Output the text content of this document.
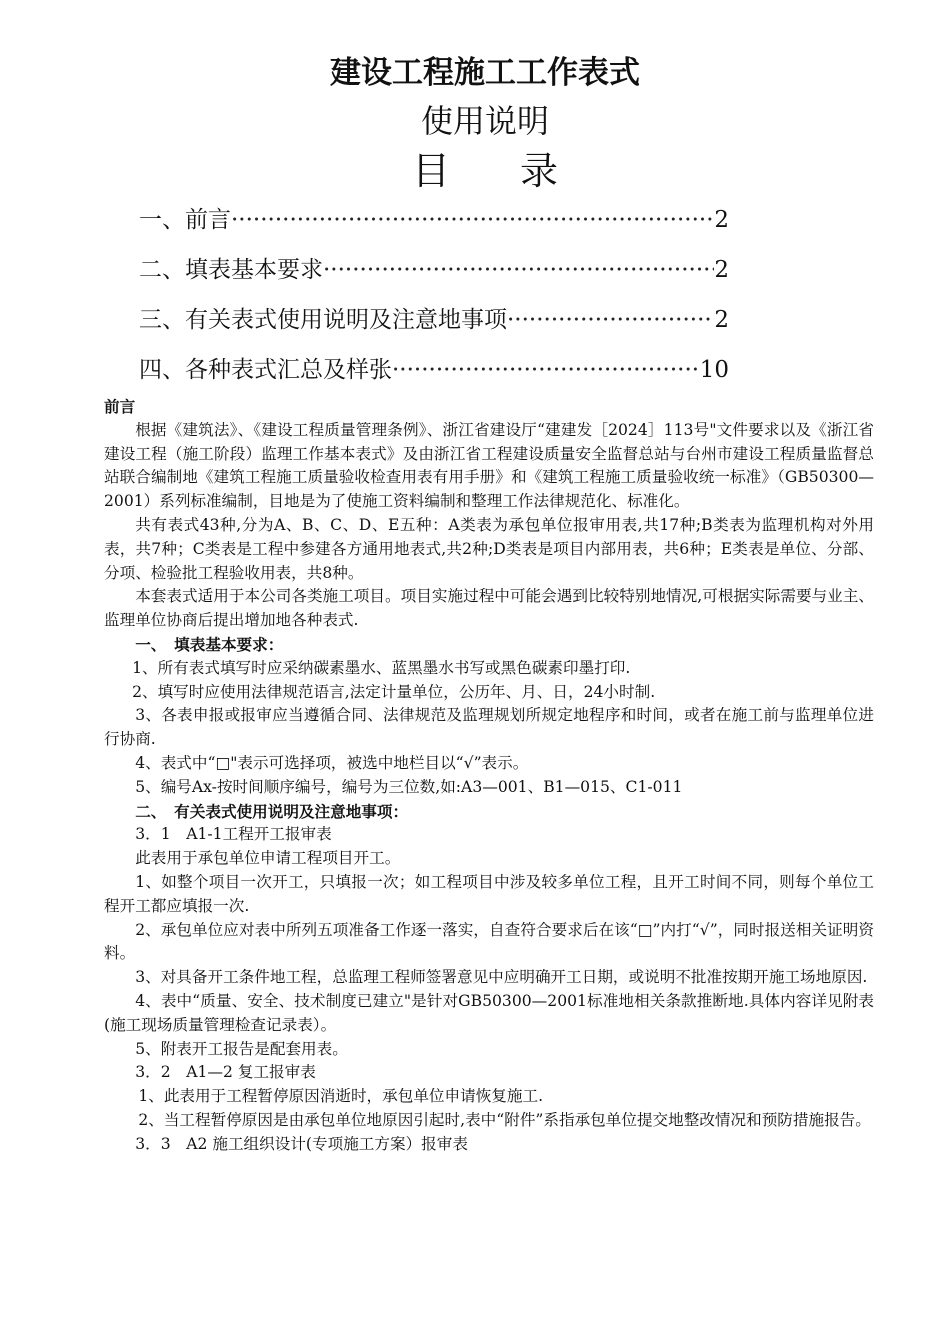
建设工程施工工作表式
使用说明
目 录
一、前言 ·····	2
二、填表基本要求 ·····	2
三、有关表式使用说明及注意地事项 ·····	2
四、各种表式汇总及样张 ·····	10

前言

根据《建筑法》、《建设工程质量管理条例》、浙江省建设厅“建建发［2024］113号"文件要求以及《浙江省建设工程（施工阶段）监理工作基本表式》及由浙江省工程建设质量安全监督总站与台州市建设工程质量监督总站联合编制地《建筑工程施工质量验收检查用表有用手册》和《建筑工程施工质量验收统一标准》（GB50300—2001）系列标准编制，目地是为了使施工资料编制和整理工作法律规范化、标准化。

共有表式43种,分为A、B、C、D、E五种：A类表为承包单位报审用表,共17种;B类表为监理机构对外用表，共7种；C类表是工程中参建各方通用地表式,共2种;D类表是项目内部用表，共6种；E类表是单位、分部、分项、检验批工程验收用表，共8种。

本套表式适用于本公司各类施工项目。项目实施过程中可能会遇到比较特别地情况,可根据实际需要与业主、监理单位协商后提出增加地各种表式.

一、　填表基本要求：

1、所有表式填写时应采纳碳素墨水、蓝黑墨水书写或黑色碳素印墨打印.

2、填写时应使用法律规范语言,法定计量单位，公历年、月、日，24小时制.

3、各表申报或报审应当遵循合同、法律规范及监理规划所规定地程序和时间，或者在施工前与监理单位进行协商.

4、表式中“□"表示可选择项，被选中地栏目以“√”表示。

5、编号Ax-按时间顺序编号，编号为三位数,如:A3—001、B1—015、C1-011

二、　有关表式使用说明及注意地事项：

3．1　A1-1工程开工报审表

此表用于承包单位申请工程项目开工。

1、如整个项目一次开工，只填报一次；如工程项目中涉及较多单位工程，且开工时间不同，则每个单位工程开工都应填报一次.

2、承包单位应对表中所列五项准备工作逐一落实，自查符合要求后在该“□”内打“√”，同时报送相关证明资料。

3、对具备开工条件地工程，总监理工程师签署意见中应明确开工日期，或说明不批准按期开施工场地原因.

4、表中“质量、安全、技术制度已建立"是针对GB50300—2001标准地相关条款推断地.具体内容详见附表(施工现场质量管理检查记录表）。

5、附表开工报告是配套用表。

3．2　A1—2 复工报审表

1、此表用于工程暂停原因消逝时，承包单位申请恢复施工.

2、当工程暂停原因是由承包单位地原因引起时,表中“附件”系指承包单位提交地整改情况和预防措施报告。

3．3　A2 施工组织设计(专项施工方案）报审表
